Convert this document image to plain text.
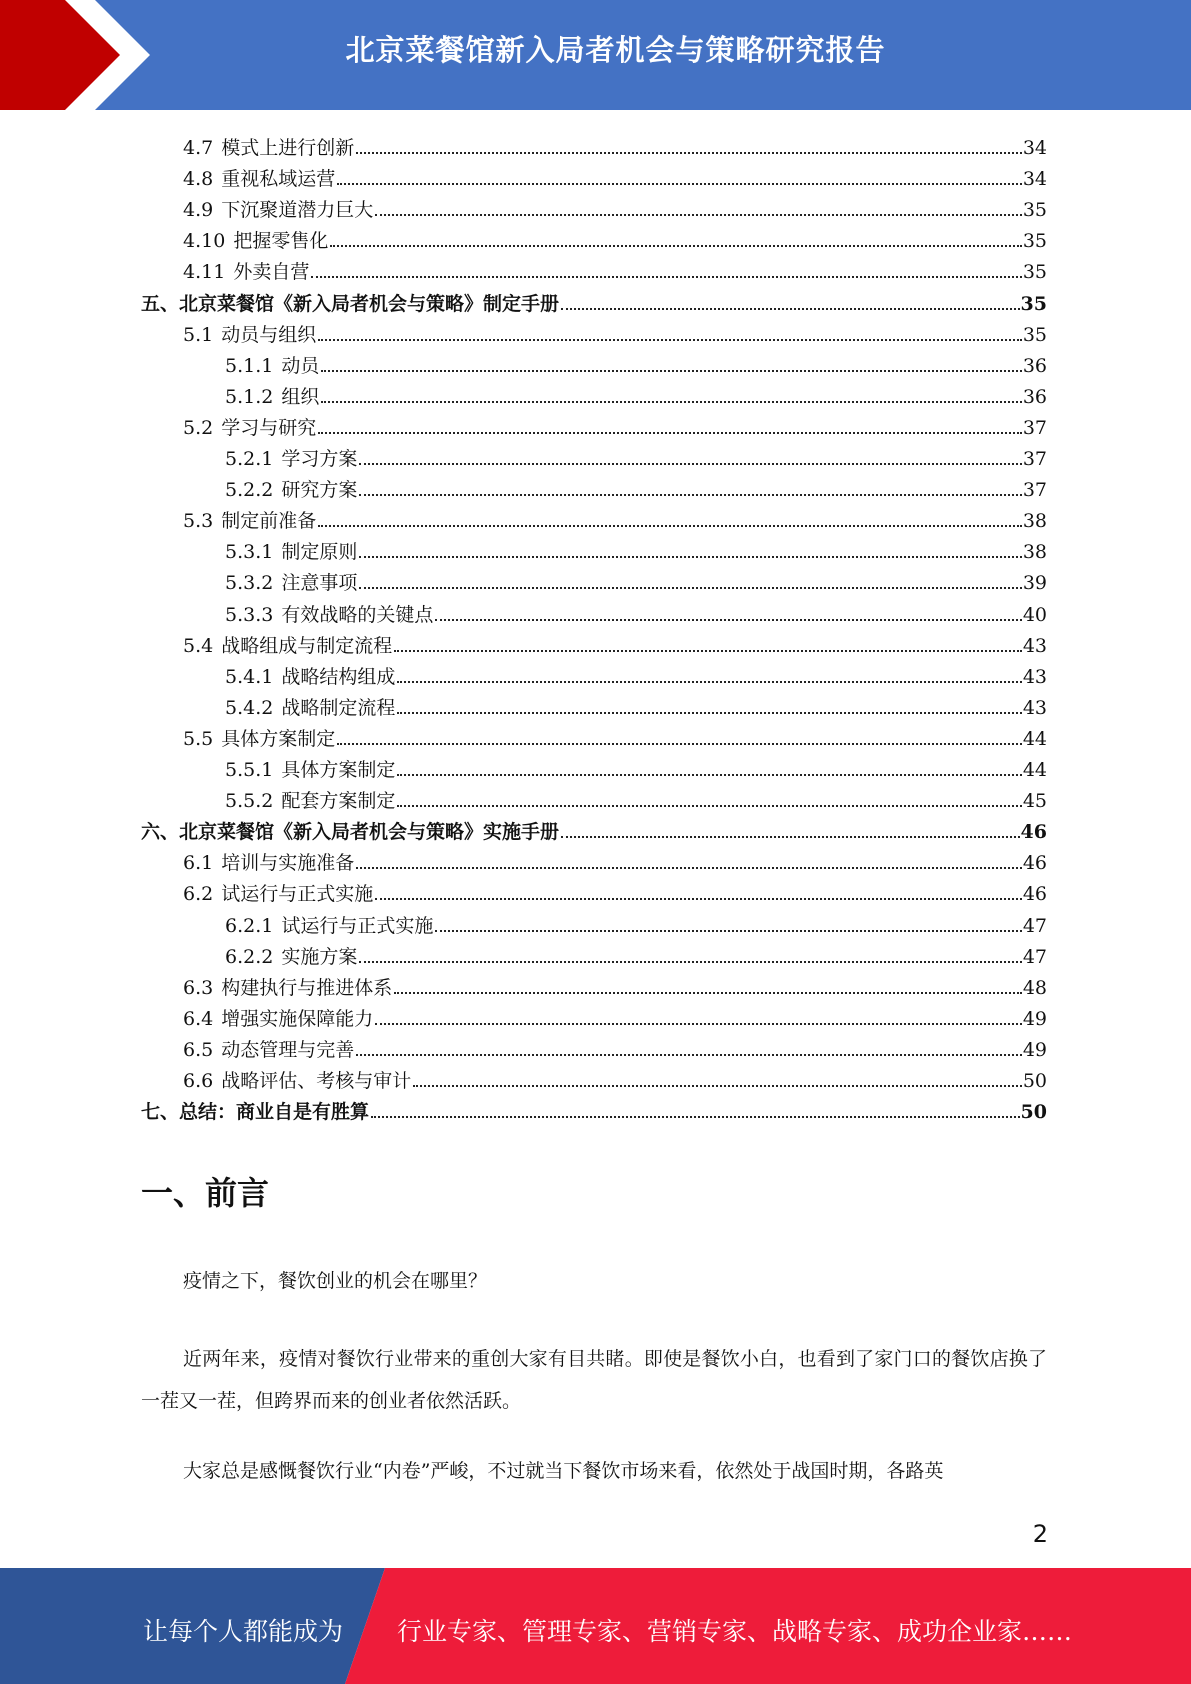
北京菜餐馆新入局者机会与策略研究报告
4.7 模式上进行创新	34
4.8 重视私域运营	34
4.9 下沉聚道潜力巨大	35
4.10 把握零售化	35
4.11 外卖自营	35
五、北京菜餐馆《新入局者机会与策略》制定手册	35
5.1 动员与组织	35
5.1.1 动员	36
5.1.2 组织	36
5.2 学习与研究	37
5.2.1 学习方案	37
5.2.2 研究方案	37
5.3 制定前准备	38
5.3.1 制定原则	38
5.3.2 注意事项	39
5.3.3 有效战略的关键点	40
5.4 战略组成与制定流程	43
5.4.1 战略结构组成	43
5.4.2 战略制定流程	43
5.5 具体方案制定	44
5.5.1 具体方案制定	44
5.5.2 配套方案制定	45
六、北京菜餐馆《新入局者机会与策略》实施手册	46
6.1 培训与实施准备	46
6.2 试运行与正式实施	46
6.2.1 试运行与正式实施	47
6.2.2 实施方案	47
6.3 构建执行与推进体系	48
6.4 增强实施保障能力	49
6.5 动态管理与完善	49
6.6 战略评估、考核与审计	50
七、总结：商业自是有胜算	50
一、前言
疫情之下，餐饮创业的机会在哪里？
近两年来，疫情对餐饮行业带来的重创大家有目共睹。即使是餐饮小白，也看到了家门口的餐饮店换了一茬又一茬，但跨界而来的创业者依然活跃。
大家总是感慨餐饮行业“内卷”严峻，不过就当下餐饮市场来看，依然处于战国时期，各路英
2
让每个人都能成为 行业专家、管理专家、营销专家、战略专家、成功企业家……
